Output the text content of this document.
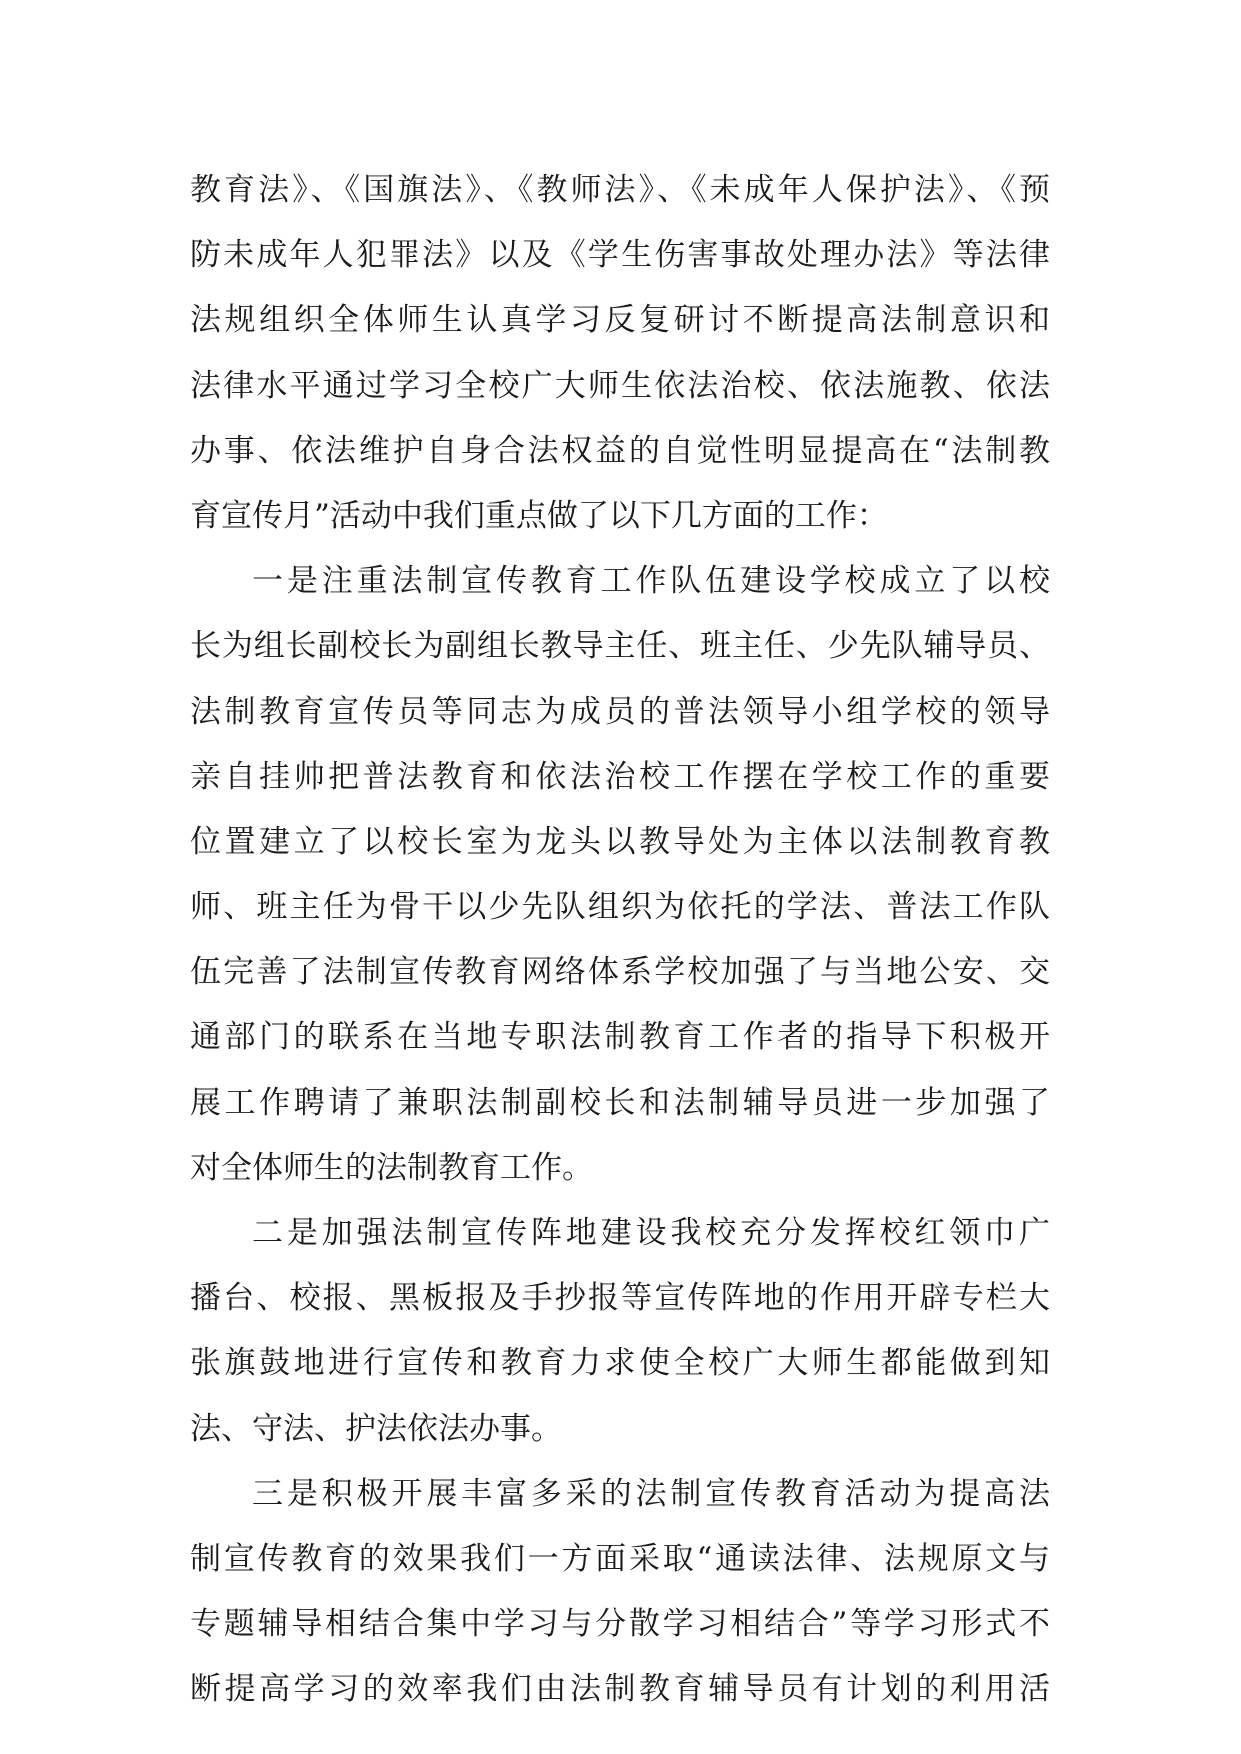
教育法》、《国旗法》、《教师法》、《未成年人保护法》、《预
防未成年人犯罪法》以及《学生伤害事故处理办法》等法律
法规组织全体师生认真学习反复研讨不断提高法制意识和
法律水平通过学习全校广大师生依法治校、依法施教、依法
办事、依法维护自身合法权益的自觉性明显提高在“法制教
育宣传月”活动中我们重点做了以下几方面的工作：
一是注重法制宣传教育工作队伍建设学校成立了以校
长为组长副校长为副组长教导主任、班主任、少先队辅导员、
法制教育宣传员等同志为成员的普法领导小组学校的领导
亲自挂帅把普法教育和依法治校工作摆在学校工作的重要
位置建立了以校长室为龙头以教导处为主体以法制教育教
师、班主任为骨干以少先队组织为依托的学法、普法工作队
伍完善了法制宣传教育网络体系学校加强了与当地公安、交
通部门的联系在当地专职法制教育工作者的指导下积极开
展工作聘请了兼职法制副校长和法制辅导员进一步加强了
对全体师生的法制教育工作。
二是加强法制宣传阵地建设我校充分发挥校红领巾广
播台、校报、黑板报及手抄报等宣传阵地的作用开辟专栏大
张旗鼓地进行宣传和教育力求使全校广大师生都能做到知
法、守法、护法依法办事。
三是积极开展丰富多采的法制宣传教育活动为提高法
制宣传教育的效果我们一方面采取“通读法律、法规原文与
专题辅导相结合集中学习与分散学习相结合”等学习形式不
断提高学习的效率我们由法制教育辅导员有计划的利用活
